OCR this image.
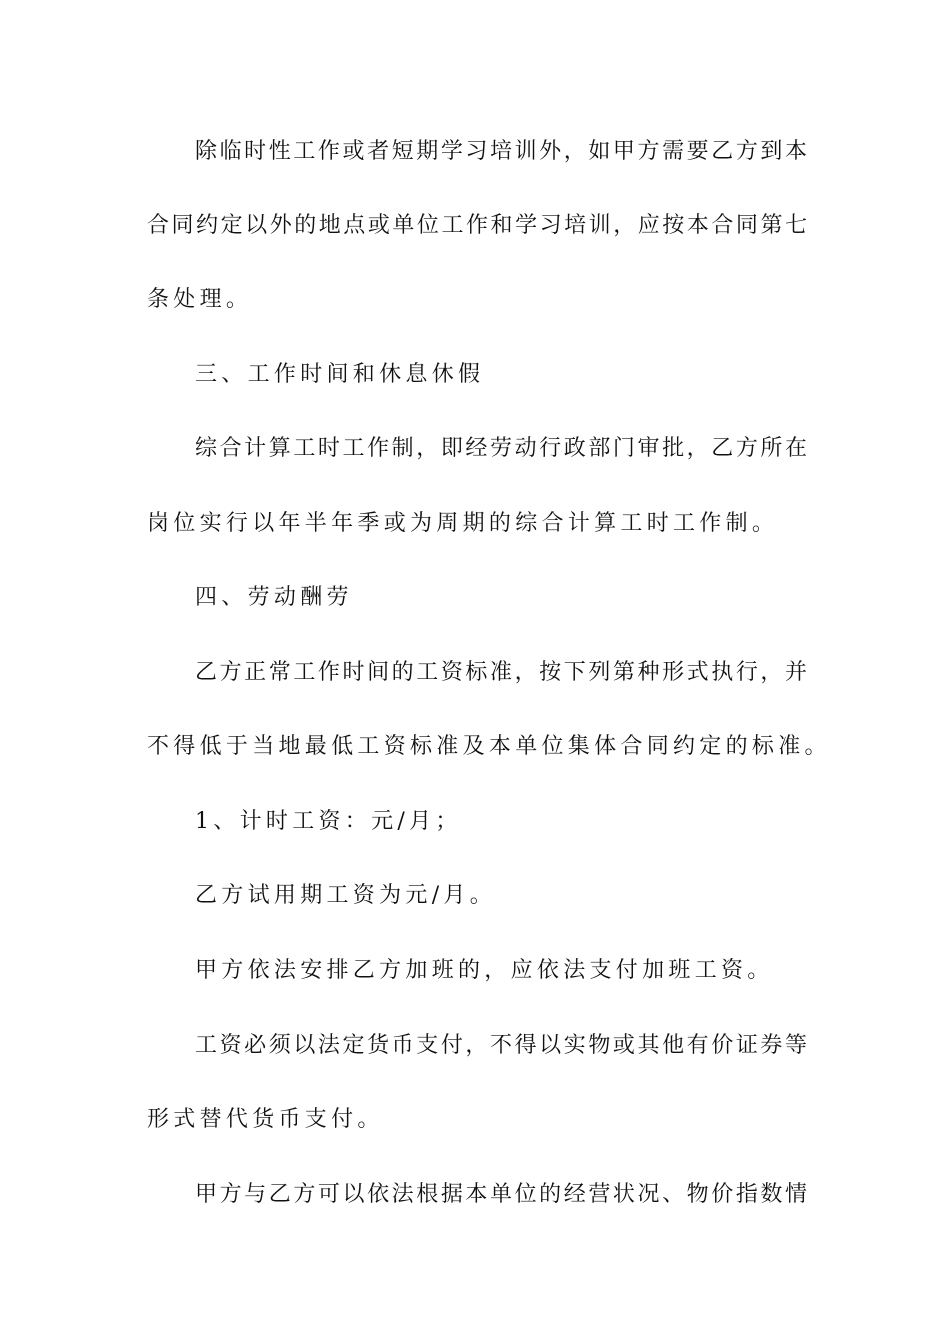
除临时性工作或者短期学习培训外，如甲方需要乙方到本
合同约定以外的地点或单位工作和学习培训，应按本合同第七
条处理。
三、工作时间和休息休假
综合计算工时工作制，即经劳动行政部门审批，乙方所在
岗位实行以年半年季或为周期的综合计算工时工作制。
四、劳动酬劳
乙方正常工作时间的工资标准，按下列第种形式执行，并
不得低于当地最低工资标准及本单位集体合同约定的标准。
1、计时工资：元/月；
乙方试用期工资为元/月。
甲方依法安排乙方加班的，应依法支付加班工资。
工资必须以法定货币支付，不得以实物或其他有价证券等
形式替代货币支付。
甲方与乙方可以依法根据本单位的经营状况、物价指数情
